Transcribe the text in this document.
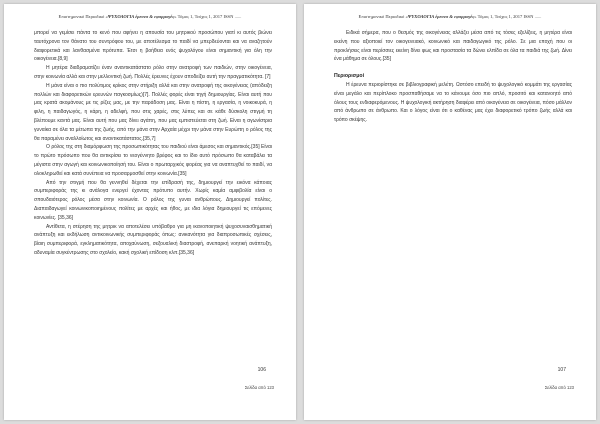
Επιστημονικό Περιοδικό «ΨΥΧΟΛΟΓΙΑ έρευνα & εφαρμογές» Τόμος 1, Τεύχος 1, 2017 ISSN ......

μπορεί να γεμίσει πάντα το κενό που αφήνει η απουσία του μητρικού προσώπου γιατί κι αυτός βιώνει ταυτόχρονα τον θάνατο του συντρόφου του, με αποτέλεσμα το παιδί να μπερδεύονται και να αναζητούν διαφορετικά και λανθασμένα πρότυπα. Έτσι η βοήθεια ενός ψυχολόγου είναι σημαντική για όλη την οικογένεια.[8,9]

Η μητέρα διαδραματίζει έναν αναντικατάστατο ρόλο στην ανατροφή των παιδιών, στην οικογένεια, στην κοινωνία αλλά και στην μελλοντική ζωή. Πολλές έρευνες έχουν αποδείξει αυτή την πραγματικότητα. [7]

Η μάνα είναι ο πιο πολύτιμος κρίκος στην στήριξη αλλά και στην ανατροφή της οικογένειας (απόδειξη πολλών και διαφορετικών ερευνών παγκοσμίως)[7]. Πολλές φορές είναι τηγή δημιουργίας. Είναι αυτή που μας κρατά ακομάνους με τις ρίζες μας, με την παράδοση μας. Είναι η πίστη, η εργασία, η νοικοκυρά, η φιλη, η παιδαγωγός, η κάρη, η αδελφή, που στις χαρές, στις λύπες και σε κάθε δύσκολη στιγμή τη βλέπουμε καντά μας. Είναι αυτή που μας δίνει αγάπη, που μας εμπιστεύεται στη ζωή. Είναι η αγωνίστρια γυναίκα σε όλα τα μέτωπα της ζωής, από την μάνα στην Αρχαία μέχρι την μάνα στην Ευρώπη ο ρόλος της θα παραμένει αναλλοίωτος και αναντικατάστατος.[35,7]

Ο ρόλος της στη διαμόρφωση της προσωπικότητας του παιδιού είναι άμεσος και σημαντικός.[35] Είναι το πρώτο πρόσωπο που θα αντικρίσει το νεογέννητο βρέφος και το ίδιο αυτό πρόσωπο θα καταβάλει τα μέγιστα στην αγωγή και κοινωνικοποίησή του. Είναι ο πρωταρχικός φορέας για να αναπτυχθεί το παιδί, να ολοκληρωθεί και κατά συνέπεια να προσαρμοσθεί στην κοινωνία.[35]

Από την στιγμή που θα γεννηθεί δέχεται την επίδρασή της, δημιουργεί την εικόνα κάποιας συμπεριφοράς της κι ανάλογα ενεργεί έχοντας πρότυπο αυτήν. Χωρίς καμία αμφιβολία είναι ο σπουδαιότερος ρόλος μέσα στην κοινωνία. Ο ρόλος της γυναι ανθρώπους. Δημιουργεί πολίτες. Διαπαιδαγωγεί κοινωνικοποιημένους πολίτες με αρχές και ήθος, με ιδια λόγια δημιουργεί τις επόμενες κοινωνίες. [35,36]

Αντίθετα, η στέρηση της μητρικ να αποτελέσει υπόβαθρο για μη ικανοποιητική ψυχοσυναισθηματική ανάπτυξη και εκδήλωση αντικοινωνικής συμπεριφοράς όπως: ανικανότητα για διαπροσωπικές σχέσεις, βίαιη συμπεριφορά, εγκληματικότητα, αποχαύνωση, σεξουαλική διαστροφή, ανεπαρκή νοητική ανάπτυξη, αδυναμία συγκέντρωσης στο σχολείο, κακή σχολική επίδοση κλπ.[35,36]

106
Σελίδα από 123
Επιστημονικό Περιοδικό «ΨΥΧΟΛΟΓΙΑ έρευνα & εφαρμογές» Τόμος 1, Τεύχος 1, 2017 ISSN ......

Ειδικά σήμερα, που ο θεσμός της οικογένειας αλλάζει μέσα από τις τόσες εξελίξεις, η μητέρα είναι εκείνη που αξιοποιεί τον οικογενειακό, κοινωνικό και παιδαγωγικό της ρόλο. Σε μια εποχή που οι προκλήσεις είναι περίσσιες εκείνη δίνει φως και προστασία τα δώνει ελπίδα σε όλα τα παιδιά της ζωή. Δίνει ένα μάθημα σε όλους.[35]

Περιορισμοί

Η έρευνα περιορίστηκε σε βιβλιογραφική μελέτη. Ωστόσο επειδή το ψυχολογικό κομμάτι της εργασίας είναι μεγάλο και περίπλοκο προσπαθήσαμε να το κάνουμε όσο πιο απλό, προσιτό και κατανοητό από όλους τους ενδιαφερόμενους. Η ψυχολογική ακτήρηση διαφέρει από οικογένεια σε οικογένεια, πόσο μάλλον από άνθρωπο σε άνθρωπο. Και ο λόγος είναι ότι ο καθένας μας έχει διαφορετικό τρόπο ζωής αλλά και τρόπο σκέψης.

107
Σελίδα από 123
